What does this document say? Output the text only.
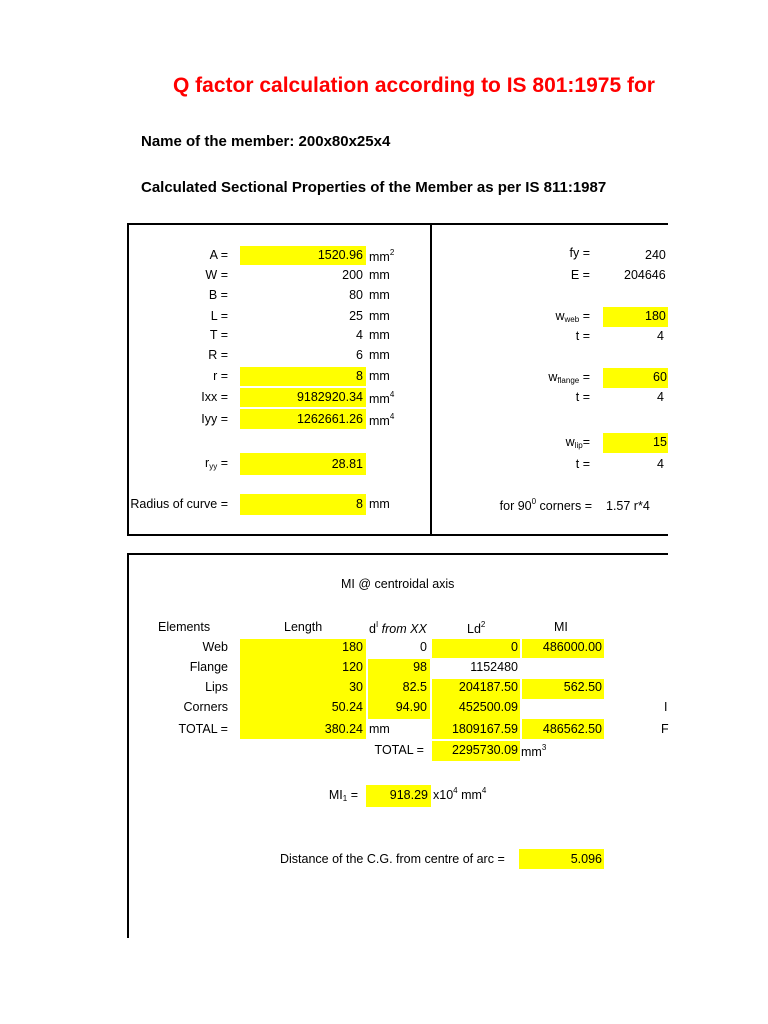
Q factor calculation according to IS 801:1975 for
Name of the member: 200x80x25x4
Calculated Sectional Properties of the Member as per IS 811:1987
A =	1520.96 $mm^2$
W =	200 mm
B =	80 mm
L =	25 mm
T =	4 mm
R =	6 mm
r =	8 mm
Ixx =	9182920.34 $mm^4$
Iyy =	1262661.26 $mm^4$
$r_{yy}$ =	28.81
Radius of curve =	8 mm
fy =	240
E =	204646
$w_{web}$ =	180
t =	4
$w_{flange}$ =	60
t =	4
$w_{lip}=$	15
t =	4
for $90^0$ corners = 1.57 r*4
MI @ centroidal axis
Elements	Length	$d^I$ from XX	Ld$^2$	MI
Web	180	0	0	486000.00
Flange	120	98	1152480
Lips	30	82.5	204187.50	562.50
Corners	50.24	94.90	452500.09
TOTAL =	380.24 mm	1809167.59	486562.50
TOTAL =	2295730.09 $mm^3$
$MI_1$ =	918.29 $x10^4$ $mm^4$
Distance of the C.G. from centre of arc =	5.096
I
F
